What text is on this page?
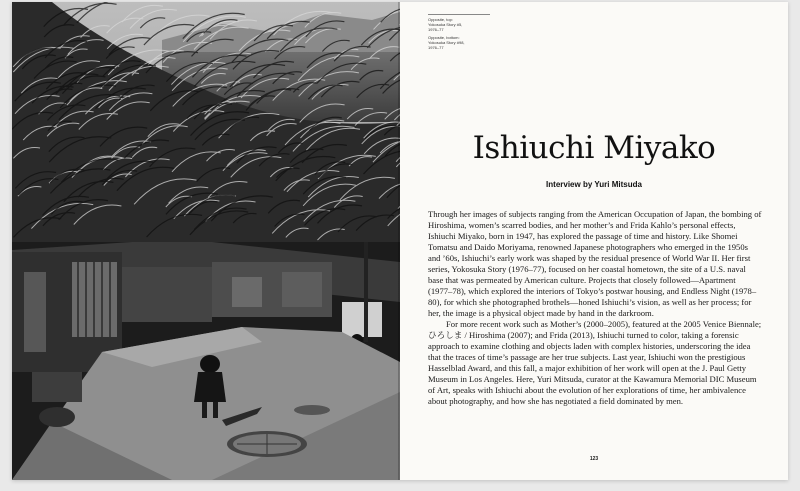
Opposite, top:
Yokosuka Story #5,
1976–77

Opposite, bottom:
Yokosuka Story #98,
1976–77

Ishiuchi Miyako

Interview by Yuri Mitsuda

Through her images of subjects ranging from the American Occupation of Japan, the bombing of Hiroshima, women’s scarred bodies, and her mother’s and Frida Kahlo’s personal effects, Ishiuchi Miyako, born in 1947, has explored the passage of time and history. Like Shomei Tomatsu and Daido Moriyama, renowned Japanese photographers who emerged in the 1950s and ’60s, Ishiuchi’s early work was shaped by the residual presence of World War II. Her first series, Yokosuka Story (1976–77), focused on her coastal hometown, the site of a U.S. naval base that was permeated by American culture. Projects that closely followed—Apartment (1977–78), which explored the interiors of Tokyo’s postwar housing, and Endless Night (1978–80), for which she photographed brothels—honed Ishiuchi’s vision, as well as her process; for her, the image is a physical object made by hand in the darkroom.

For more recent work such as Mother’s (2000–2005), featured at the 2005 Venice Biennale; ひろしま / Hiroshima (2007); and Frida (2013), Ishiuchi turned to color, taking a forensic approach to examine clothing and objects laden with complex histories, underscoring the idea that the traces of time’s passage are her true subjects. Last year, Ishiuchi won the prestigious Hasselblad Award, and this fall, a major exhibition of her work will open at the J. Paul Getty Museum in Los Angeles. Here, Yuri Mitsuda, curator at the Kawamura Memorial DIC Museum of Art, speaks with Ishiuchi about the evolution of her explorations of time, her ambivalence about photography, and how she has negotiated a field dominated by men.

123
